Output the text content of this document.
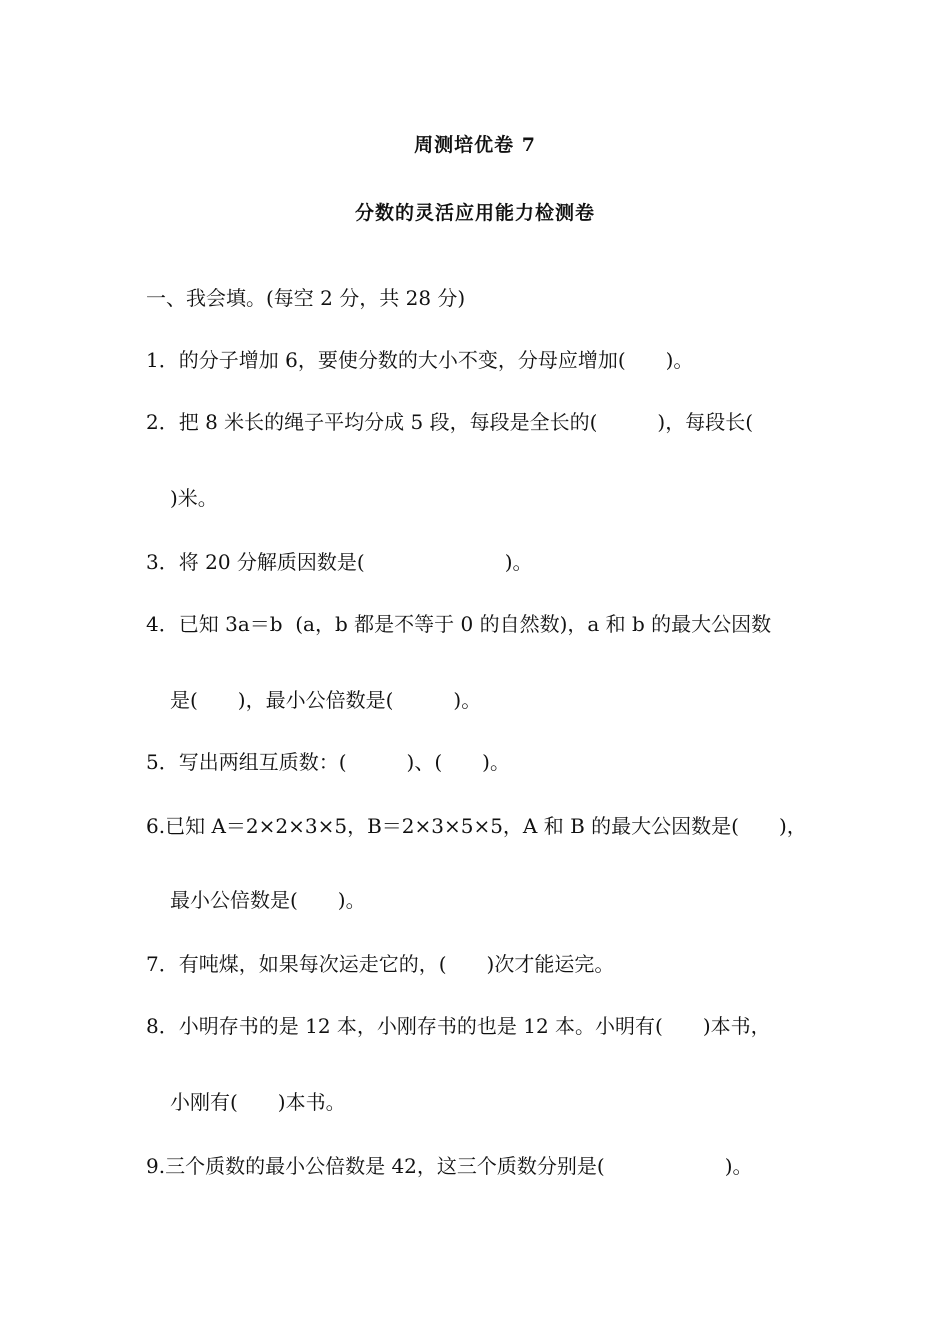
周测培优卷 7
分数的灵活应用能力检测卷
一、我会填。(每空 2 分，共 28 分)
1．的分子增加 6，要使分数的大小不变，分母应增加(　　)。
2．把 8 米长的绳子平均分成 5 段，每段是全长的(　　　)，每段长(
)米。
3．将 20 分解质因数是(　　　　　　　)。
4．已知 3a＝b  (a，b 都是不等于 0 的自然数)，a 和 b 的最大公因数
是(　　)，最小公倍数是(　　　)。
5．写出两组互质数：(　　　)、(　　)。
6.已知 A＝2×2×3×5，B＝2×3×5×5，A 和 B 的最大公因数是(　　)，
最小公倍数是(　　)。
7．有吨煤，如果每次运走它的，(　　)次才能运完。
8．小明存书的是 12 本，小刚存书的也是 12 本。小明有(　　)本书，
小刚有(　　)本书。
9.三个质数的最小公倍数是 42，这三个质数分别是(　　　　　　)。
